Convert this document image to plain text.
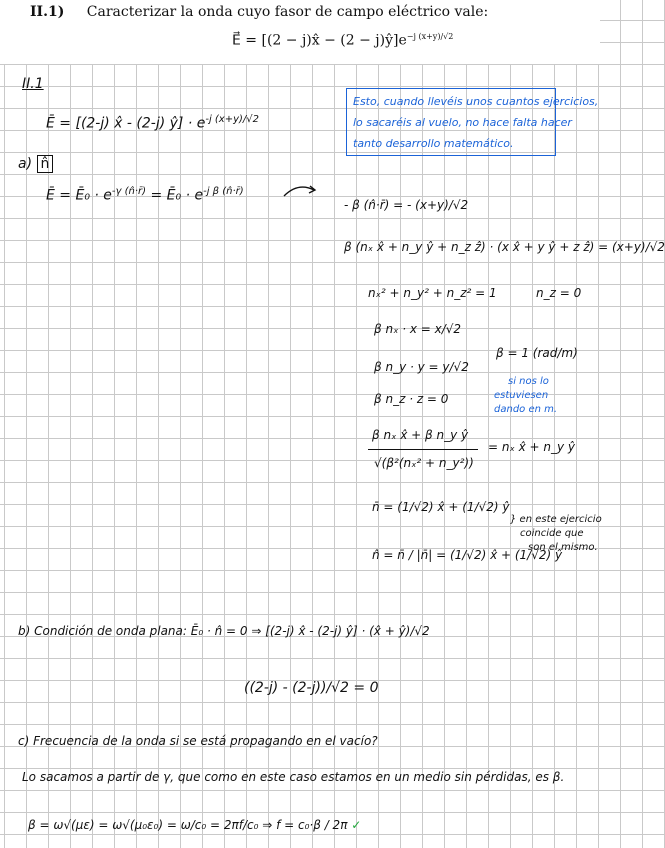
II.1) Caracterizar la onda cuyo fasor de campo eléctrico vale:
E⃗ = [(2 − j)x̂ − $(2 - j)ŷ]e^{-j (x+y)/√2}$
II.1
Ē = [(2-j) x̂ - (2-j) ŷ] · $e^{-j (x+y)/√2}$
Esto, cuando llevéis unos cuantos ejercicios,
lo sacaréis al vuelo, no hace falta hacer
tanto desarrollo matemático.
a) n̂
Ē = Ē₀ · $e^{-\gamma (n̂\cdot r̄)}$ = Ē₀ · $e^{-j \beta (n̂\cdot r̄)}$
- β (n̂·r̄) = - (x+y)/√2
β (nₓ x̂ + n_y ŷ + n_z ẑ) · (x x̂ + y ŷ + z ẑ) = (x+y)/√2
nₓ² + n_y² + n_z² = 1	n_z = 0
β nₓ · x = x/√2
β n_y · y = y/√2
β n_z · z = 0
β = 1 (rad/m)
si nos lo
estuviesen
dando en m.
β nₓ x̂ + β n_y ŷ
√(β²(nₓ² + n_y²))
= nₓ x̂ + n_y ŷ
n̄ = (1/√2) x̂ + (1/√2) ŷ
} en este ejercicio
coincide que
son el mismo.
n̂ = n̄ / |n̄| = (1/√2) x̂ + (1/√2) ŷ
b) Condición de onda plana: Ē₀ · n̂ = 0 ⇒ [(2-j) x̂ - (2-j) ŷ] · (x̂ + ŷ)/√2
((2-j) - (2-j))/√2 = 0
c) Frecuencia de la onda si se está propagando en el vacío?
Lo sacamos a partir de γ, que como en este caso estamos en un medio sin pérdidas, es β.
β = ω√(με) = ω√(μ₀ε₀) = ω/c₀ = 2πf/c₀ ⇒ f = c₀·β / 2π ✓
